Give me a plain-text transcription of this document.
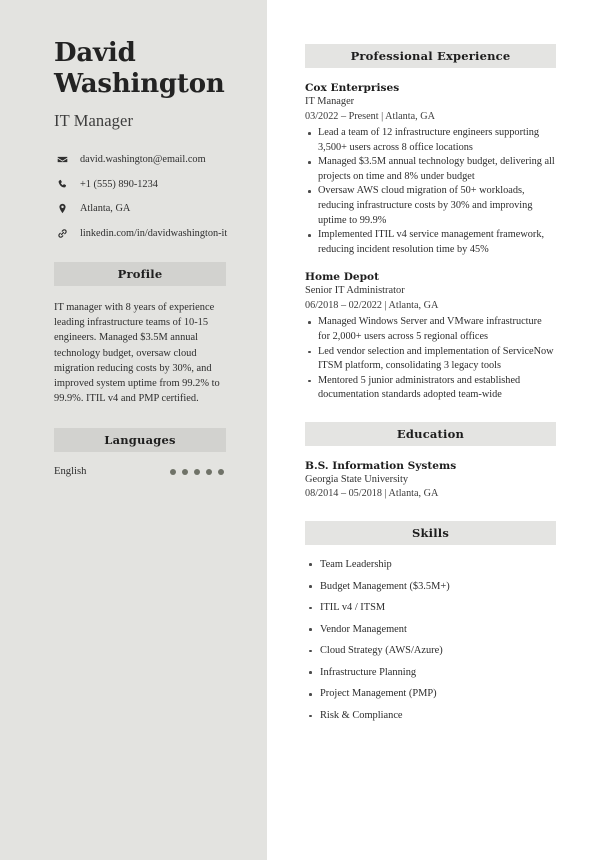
David
Washington
IT Manager
david.washington@email.com
+1 (555) 890-1234
Atlanta, GA
linkedin.com/in/davidwashington-it
Profile
IT manager with 8 years of experience leading infrastructure teams of 10-15 engineers. Managed $3.5M annual technology budget, oversaw cloud migration reducing costs by 30%, and improved system uptime from 99.2% to 99.9%. ITIL v4 and PMP certified.
Languages
English
Professional Experience
Cox Enterprises
IT Manager
03/2022 – Present | Atlanta, GA
Lead a team of 12 infrastructure engineers supporting 3,500+ users across 8 office locations
Managed $3.5M annual technology budget, delivering all projects on time and 8% under budget
Oversaw AWS cloud migration of 50+ workloads, reducing infrastructure costs by 30% and improving uptime to 99.9%
Implemented ITIL v4 service management framework, reducing incident resolution time by 45%
Home Depot
Senior IT Administrator
06/2018 – 02/2022 | Atlanta, GA
Managed Windows Server and VMware infrastructure for 2,000+ users across 5 regional offices
Led vendor selection and implementation of ServiceNow ITSM platform, consolidating 3 legacy tools
Mentored 5 junior administrators and established documentation standards adopted team-wide
Education
B.S. Information Systems
Georgia State University
08/2014 – 05/2018 | Atlanta, GA
Skills
Team Leadership
Budget Management ($3.5M+)
ITIL v4 / ITSM
Vendor Management
Cloud Strategy (AWS/Azure)
Infrastructure Planning
Project Management (PMP)
Risk & Compliance
